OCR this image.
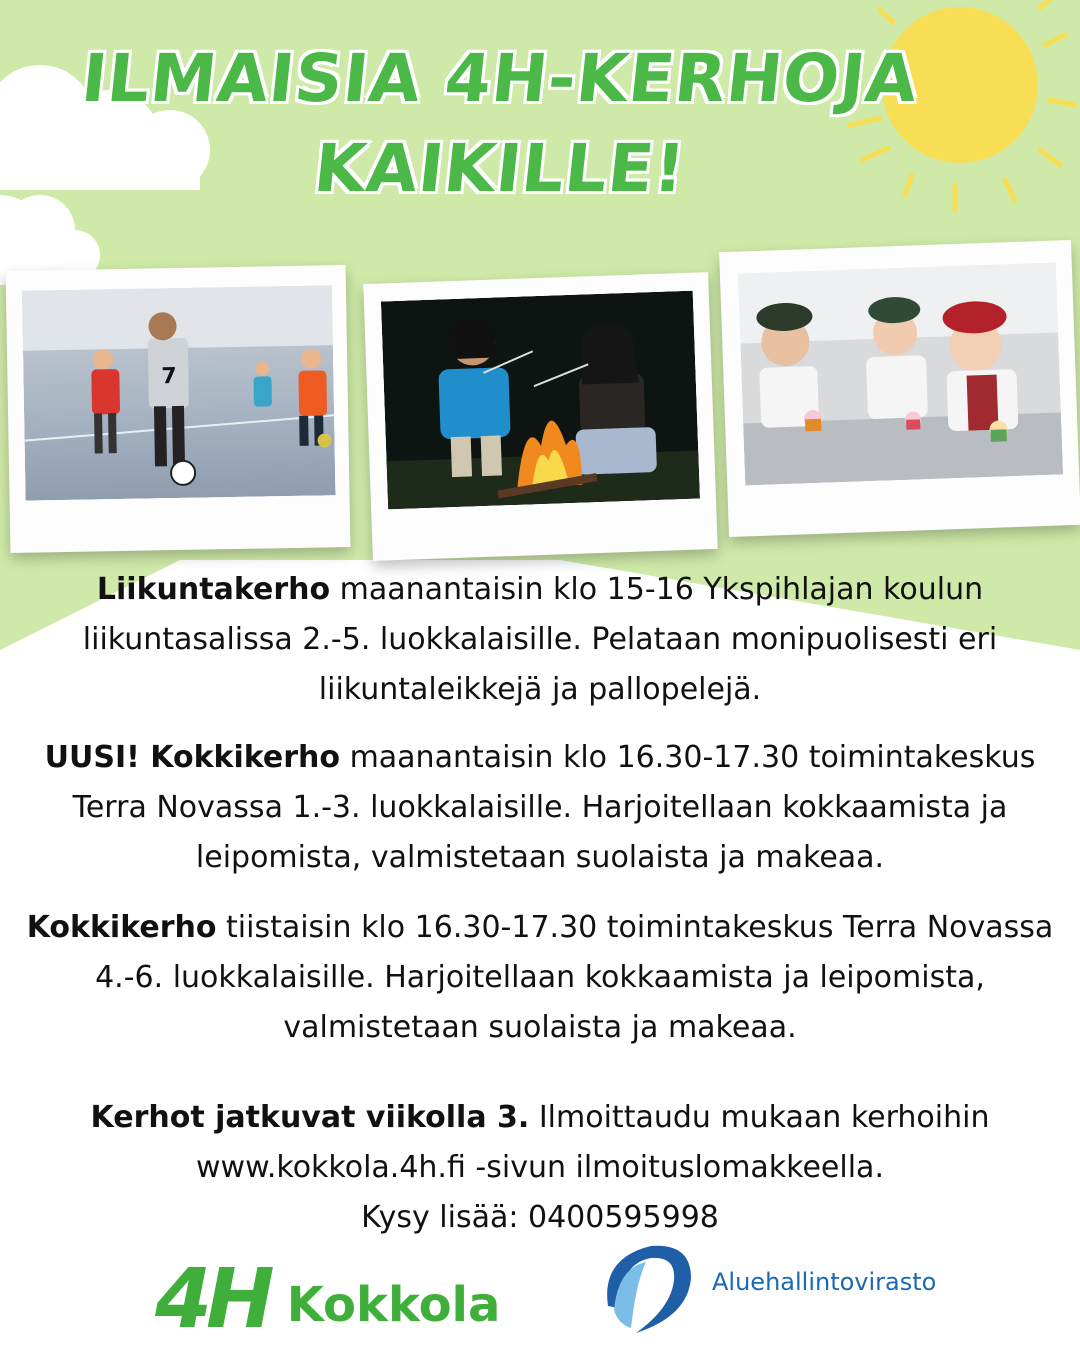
ILMAISIA 4H-KERHOJA
KAIKILLE!
7
Liikuntakerho maanantaisin klo 15-16 Ykspihlajan koulun liikuntasalissa 2.-5. luokkalaisille. Pelataan monipuolisesti eri liikuntaleikkejä ja pallopelejä.
UUSI! Kokkikerho maanantaisin klo 16.30-17.30 toimintakeskus Terra Novassa 1.-3. luokkalaisille. Harjoitellaan kokkaamista ja leipomista, valmistetaan suolaista ja makeaa.
Kokkikerho tiistaisin klo 16.30-17.30 toimintakeskus Terra Novassa 4.-6. luokkalaisille. Harjoitellaan kokkaamista ja leipomista, valmistetaan suolaista ja makeaa.
Kerhot jatkuvat viikolla 3. Ilmoittaudu mukaan kerhoihin
www.kokkola.4h.fi -sivun ilmoituslomakkeella.
Kysy lisää: 0400595998
4H Kokkola	Aluehallintovirasto
